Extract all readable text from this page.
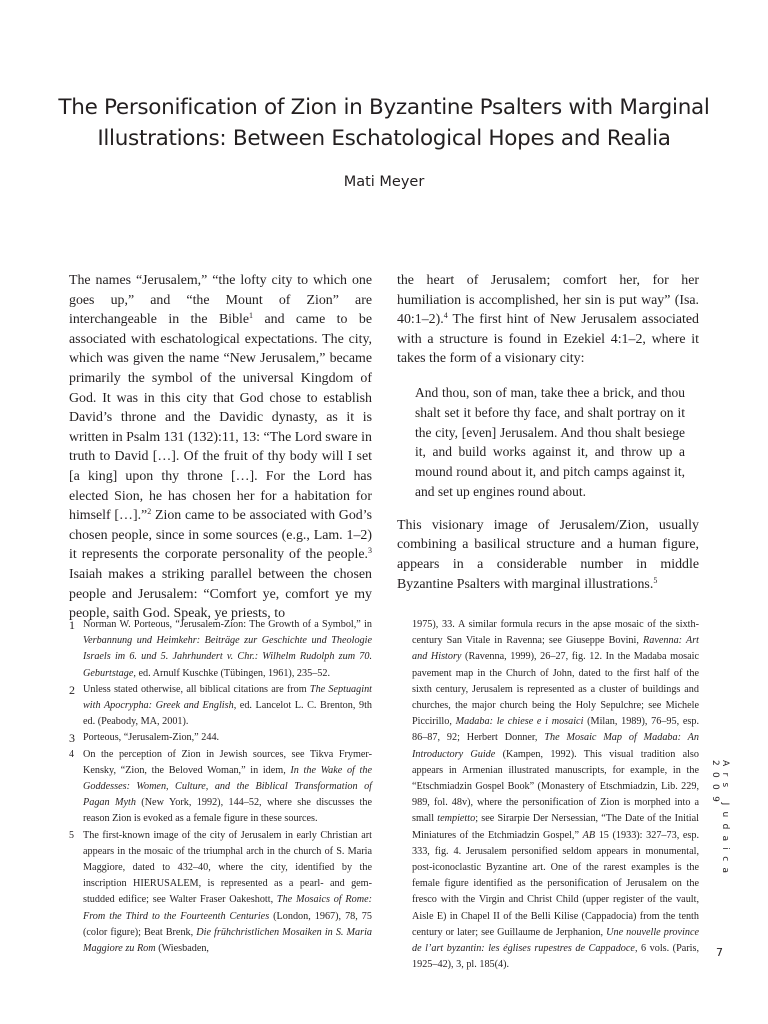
The Personification of Zion in Byzantine Psalters with Marginal Illustrations: Between Eschatological Hopes and Realia
Mati Meyer
The names “Jerusalem,” “the lofty city to which one goes up,” and “the Mount of Zion” are interchangeable in the Bible$^1$ and came to be associated with eschatological expectations. The city, which was given the name “New Jerusalem,” became primarily the symbol of the universal Kingdom of God. It was in this city that God chose to establish David’s throne and the Davidic dynasty, as it is written in Psalm 131 (132):11, 13: “The Lord sware in truth to David […]. Of the fruit of thy body will I set [a king] upon thy throne […]. For the Lord has elected Sion, he has chosen her for a habitation for himself […].”$^2$ Zion came to be associated with God’s chosen people, since in some sources (e.g., Lam. 1–2) it represents the corporate personality of the people.$^3$ Isaiah makes a striking parallel between the chosen people and Jerusalem: “Comfort ye, comfort ye my people, saith God. Speak, ye priests, to
the heart of Jerusalem; comfort her, for her humiliation is accomplished, her sin is put way” (Isa. 40:1–2).$^4$ The first hint of New Jerusalem associated with a structure is found in Ezekiel 4:1–2, where it takes the form of a visionary city:
And thou, son of man, take thee a brick, and thou shalt set it before thy face, and shalt portray on it the city, [even] Jerusalem. And thou shalt besiege it, and build works against it, and throw up a mound round about it, and pitch camps against it, and set up engines round about.
This visionary image of Jerusalem/Zion, usually combining a basilical structure and a human figure, appears in a considerable number in middle Byzantine Psalters with marginal illustrations.$^5$
1 Norman W. Porteous, “Jerusalem-Zion: The Growth of a Symbol,” in Verbannung und Heimkehr: Beiträge zur Geschichte und Theologie Israels im 6. und 5. Jahrhundert v. Chr.: Wilhelm Rudolph zum 70. Geburtstage, ed. Arnulf Kuschke (Tübingen, 1961), 235–52.
2 Unless stated otherwise, all biblical citations are from The Septuagint with Apocrypha: Greek and English, ed. Lancelot L. C. Brenton, 9th ed. (Peabody, MA, 2001).
3 Porteous, “Jerusalem-Zion,” 244.
4 On the perception of Zion in Jewish sources, see Tikva Frymer-Kensky, “Zion, the Beloved Woman,” in idem, In the Wake of the Goddesses: Women, Culture, and the Biblical Transformation of Pagan Myth (New York, 1992), 144–52, where she discusses the reason Zion is evoked as a female figure in these sources.
5 The first-known image of the city of Jerusalem in early Christian art appears in the mosaic of the triumphal arch in the church of S. Maria Maggiore, dated to 432–40, where the city, identified by the inscription HIERUSALEM, is represented as a pearl- and gem-studded edifice; see Walter Fraser Oakeshott, The Mosaics of Rome: From the Third to the Fourteenth Centuries (London, 1967), 78, 75 (color figure); Beat Brenk, Die frühchristlichen Mosaiken in S. Maria Maggiore zu Rom (Wiesbaden,
1975), 33. A similar formula recurs in the apse mosaic of the sixth-century San Vitale in Ravenna; see Giuseppe Bovini, Ravenna: Art and History (Ravenna, 1999), 26–27, fig. 12. In the Madaba mosaic pavement map in the Church of John, dated to the first half of the sixth century, Jerusalem is represented as a cluster of buildings and churches, the major church being the Holy Sepulchre; see Michele Piccirillo, Madaba: le chiese e i mosaici (Milan, 1989), 76–95, esp. 86–87, 92; Herbert Donner, The Mosaic Map of Madaba: An Introductory Guide (Kampen, 1992). This visual tradition also appears in Armenian illustrated manuscripts, for example, in the “Etschmiadzin Gospel Book” (Monastery of Etschmiadzin, Lib. 229, 989, fol. 48v), where the personification of Zion is morphed into a small tempietto; see Sirarpie Der Nersessian, “The Date of the Initial Miniatures of the Etchmiadzin Gospel,” AB 15 (1933): 327–73, esp. 333, fig. 4. Jerusalem personified seldom appears in monumental, post-iconoclastic Byzantine art. One of the rarest examples is the female figure identified as the personification of Jerusalem on the fresco with the Virgin and Christ Child (upper register of the vault, Aisle E) in Chapel II of the Belli Kilise (Cappadocia) from the tenth century or later; see Guillaume de Jerphanion, Une nouvelle province de l’art byzantin: les églises rupestres de Cappadoce, 6 vols. (Paris, 1925–42), 3, pl. 185(4).
Ars Judaica 2009
7
